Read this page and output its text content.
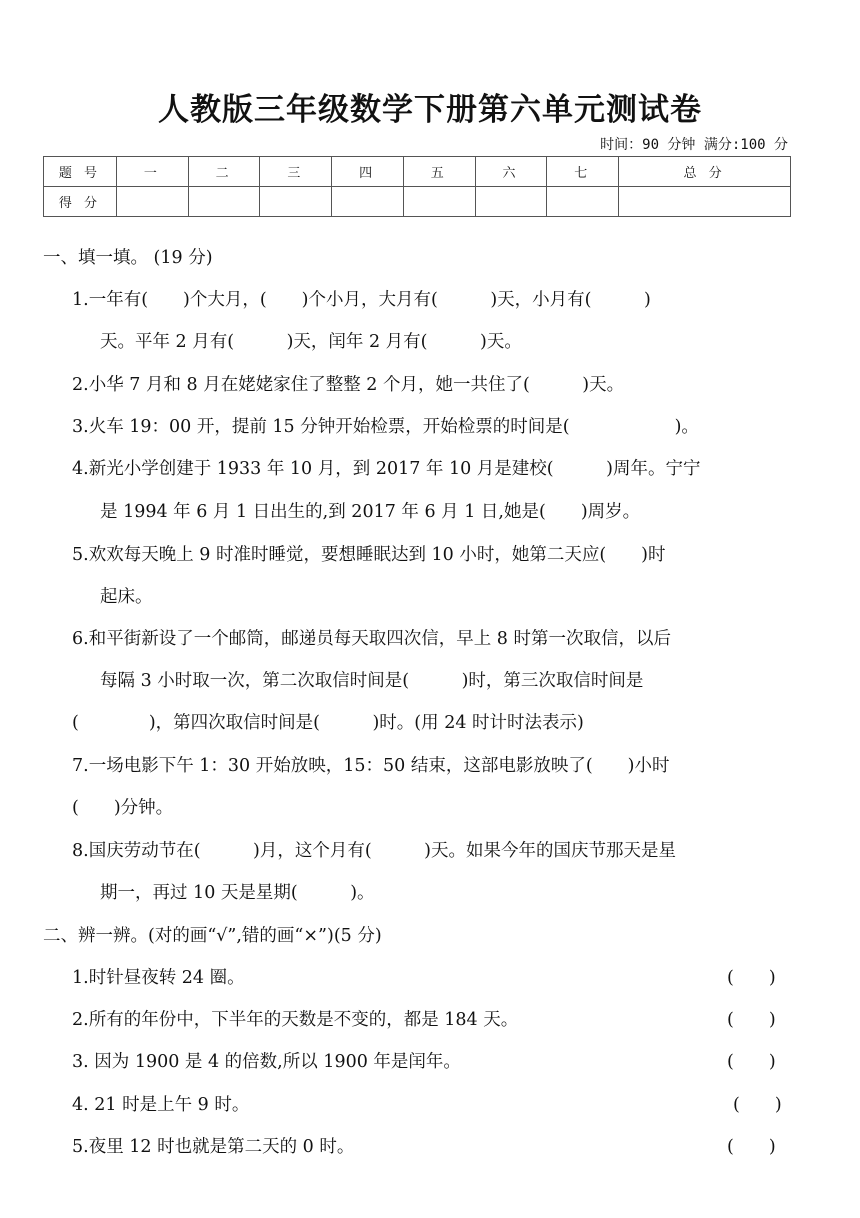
人教版三年级数学下册第六单元测试卷
时间：90 分钟 满分:100 分
题 号	一	二	三	四	五	六	七	总 分
得 分								
一、填一填。 (19 分)
1.一年有(　　)个大月，(　　)个小月，大月有(　　　)天，小月有(　　　)
天。平年 2 月有(　　　)天，闰年 2 月有(　　　)天。
2.小华 7 月和 8 月在姥姥家住了整整 2 个月，她一共住了(　　　)天。
3.火车 19：00 开，提前 15 分钟开始检票，开始检票的时间是(　　　　　　)。
4.新光小学创建于 1933 年 10 月，到 2017 年 10 月是建校(　　　)周年。宁宁
是 1994 年 6 月 1 日出生的,到 2017 年 6 月 1 日,她是(　　)周岁。
5.欢欢每天晚上 9 时准时睡觉，要想睡眠达到 10 小时，她第二天应(　　)时
起床。
6.和平街新设了一个邮筒，邮递员每天取四次信，早上 8 时第一次取信，以后
每隔 3 小时取一次，第二次取信时间是(　　　)时，第三次取信时间是
(　　　　)，第四次取信时间是(　　　)时。(用 24 时计时法表示)
7.一场电影下午 1：30 开始放映，15：50 结束，这部电影放映了(　　)小时
(　　)分钟。
8.国庆劳动节在(　　　)月，这个月有(　　　)天。如果今年的国庆节那天是星
期一，再过 10 天是星期(　　　)。
二、辨一辨。(对的画“√”,错的画“×”)(5 分)
1.时针昼夜转 24 圈。	(　　)
2.所有的年份中，下半年的天数是不变的，都是 184 天。	(　　)
3. 因为 1900 是 4 的倍数,所以 1900 年是闰年。	(　　)
4. 21 时是上午 9 时。	(　　)
5.夜里 12 时也就是第二天的 0 时。	(　　)
